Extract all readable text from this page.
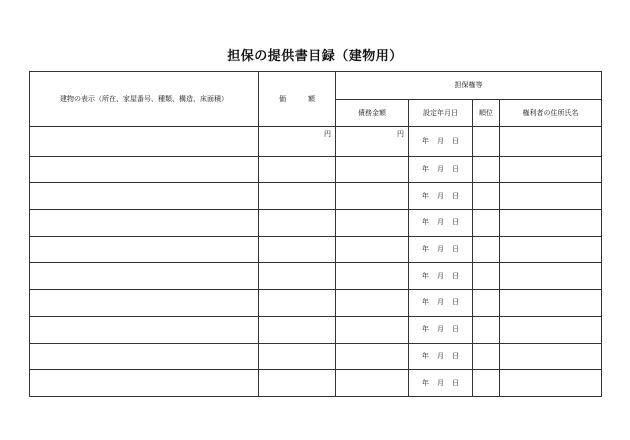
担保の提供書目録（建物用）
建物の表示（所在、家屋番号、種類、構造、床面積）	価 額	担保権等			
		債務金額	設定年月日	順位	権利者の住所氏名
	円	円	年 月 日		
			年 月 日		
			年 月 日		
			年 月 日		
			年 月 日		
			年 月 日		
			年 月 日		
			年 月 日		
			年 月 日		
			年 月 日		
